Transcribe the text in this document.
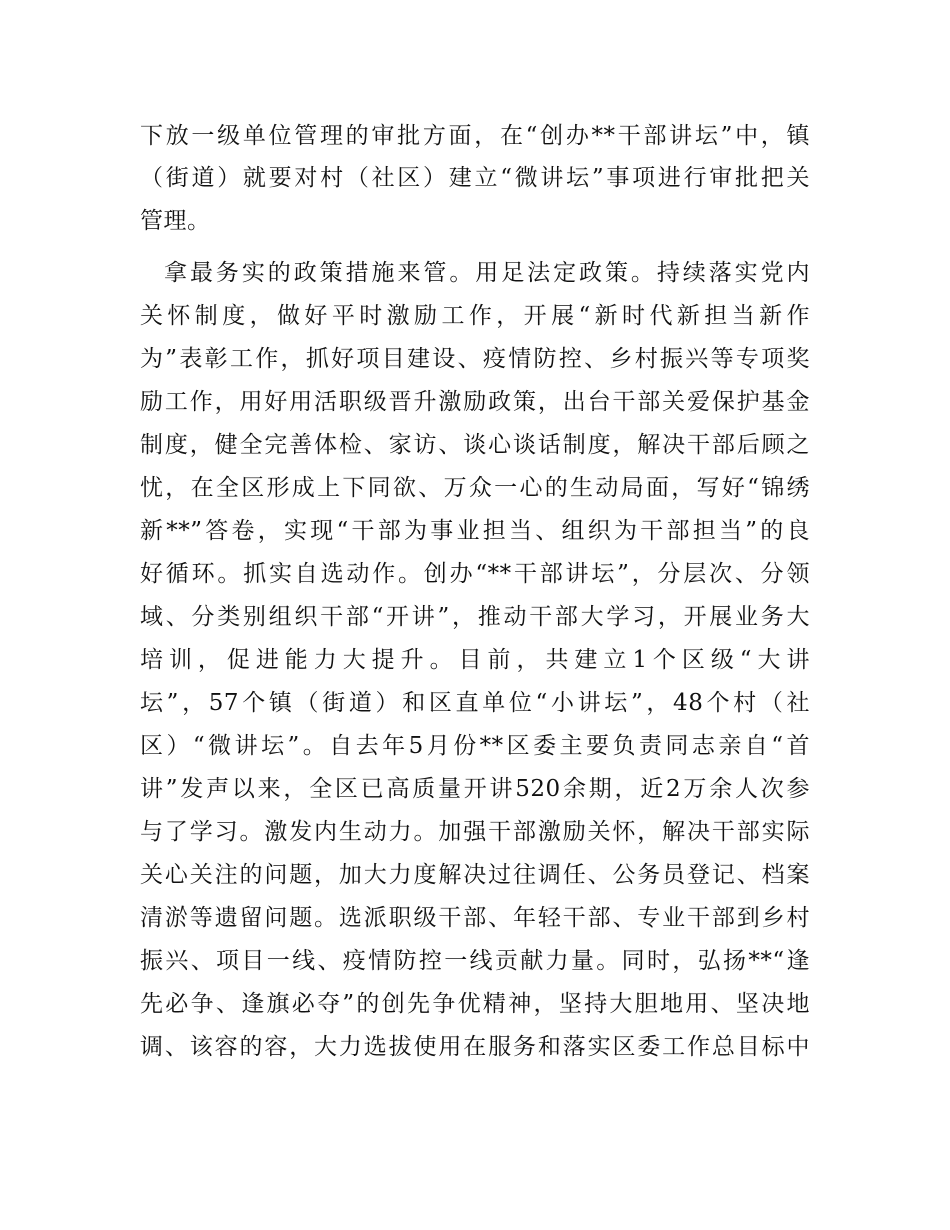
下放一级单位管理的审批方面，在“创办**干部讲坛”中，镇
（街道）就要对村（社区）建立“微讲坛”事项进行审批把关
管理。
拿最务实的政策措施来管。用足法定政策。持续落实党内
关怀制度，做好平时激励工作，开展“新时代新担当新作
为”表彰工作，抓好项目建设、疫情防控、乡村振兴等专项奖
励工作，用好用活职级晋升激励政策，出台干部关爱保护基金
制度，健全完善体检、家访、谈心谈话制度，解决干部后顾之
忧，在全区形成上下同欲、万众一心的生动局面，写好“锦绣
新**”答卷，实现“干部为事业担当、组织为干部担当”的良
好循环。抓实自选动作。创办“**干部讲坛”，分层次、分领
域、分类别组织干部“开讲”，推动干部大学习，开展业务大
培训，促进能力大提升。目前，共建立1个区级“大讲
坛”，57个镇（街道）和区直单位“小讲坛”，48个村（社
区）“微讲坛”。自去年5月份**区委主要负责同志亲自“首
讲”发声以来，全区已高质量开讲520余期，近2万余人次参
与了学习。激发内生动力。加强干部激励关怀，解决干部实际
关心关注的问题，加大力度解决过往调任、公务员登记、档案
清淤等遗留问题。选派职级干部、年轻干部、专业干部到乡村
振兴、项目一线、疫情防控一线贡献力量。同时，弘扬**“逢
先必争、逢旗必夺”的创先争优精神，坚持大胆地用、坚决地
调、该容的容，大力选拔使用在服务和落实区委工作总目标中
